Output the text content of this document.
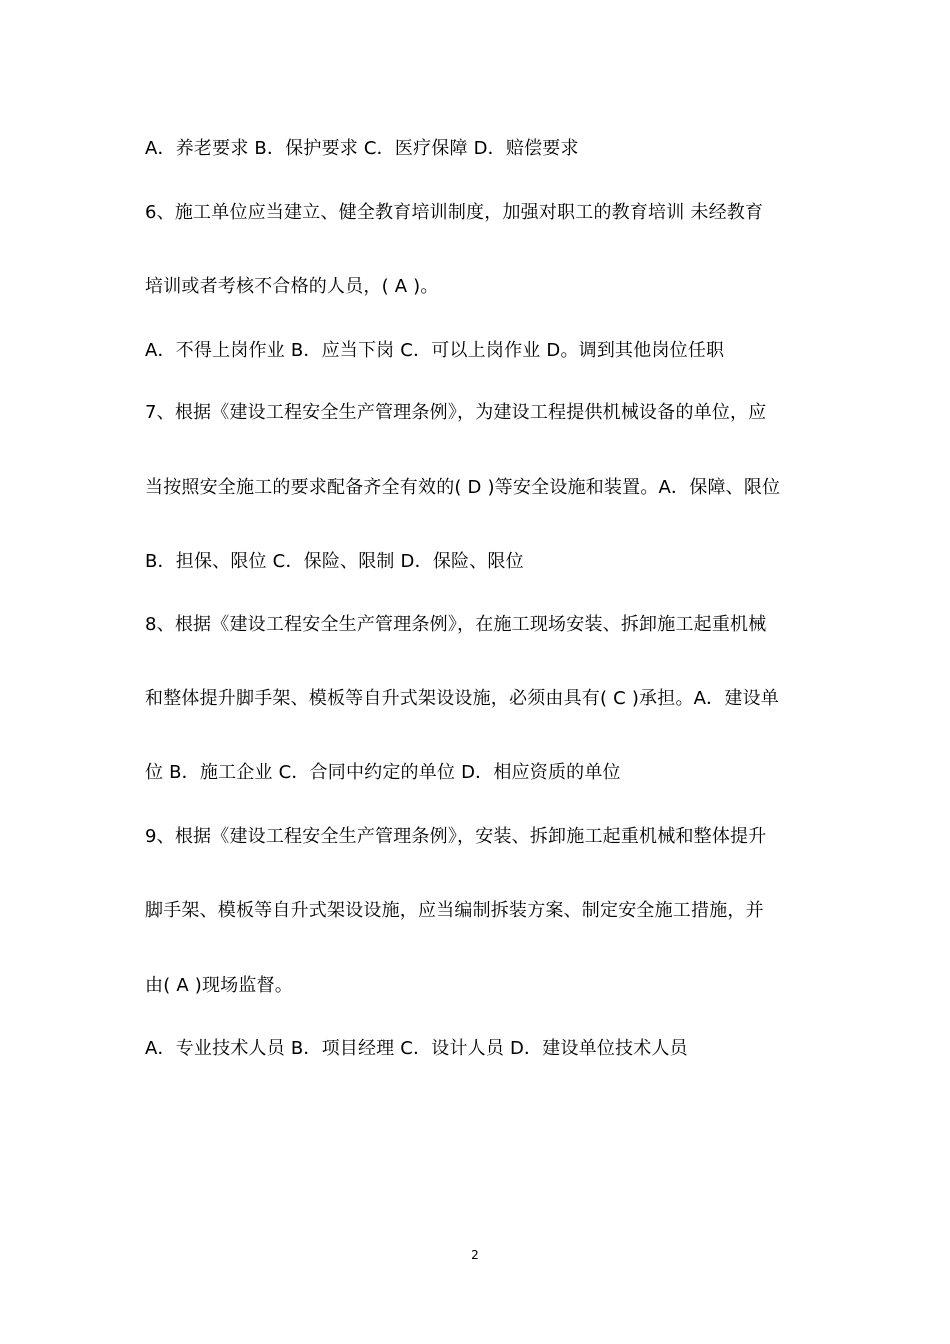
A．养老要求 B．保护要求 C．医疗保障 D．赔偿要求

6、施工单位应当建立、健全教育培训制度，加强对职工的教育培训 未经教育

培训或者考核不合格的人员，( A )。

A．不得上岗作业 B．应当下岗 C．可以上岗作业 D。调到其他岗位任职

7、根据《建设工程安全生产管理条例》，为建设工程提供机械设备的单位，应

当按照安全施工的要求配备齐全有效的( D )等安全设施和装置。A．保障、限位

B．担保、限位 C．保险、限制 D．保险、限位

8、根据《建设工程安全生产管理条例》，在施工现场安装、拆卸施工起重机械

和整体提升脚手架、模板等自升式架设设施，必须由具有( C )承担。A．建设单

位 B．施工企业 C．合同中约定的单位 D．相应资质的单位

9、根据《建设工程安全生产管理条例》，安装、拆卸施工起重机械和整体提升

脚手架、模板等自升式架设设施，应当编制拆装方案、制定安全施工措施，并

由( A )现场监督。

A．专业技术人员 B．项目经理 C．设计人员 D．建设单位技术人员

2
